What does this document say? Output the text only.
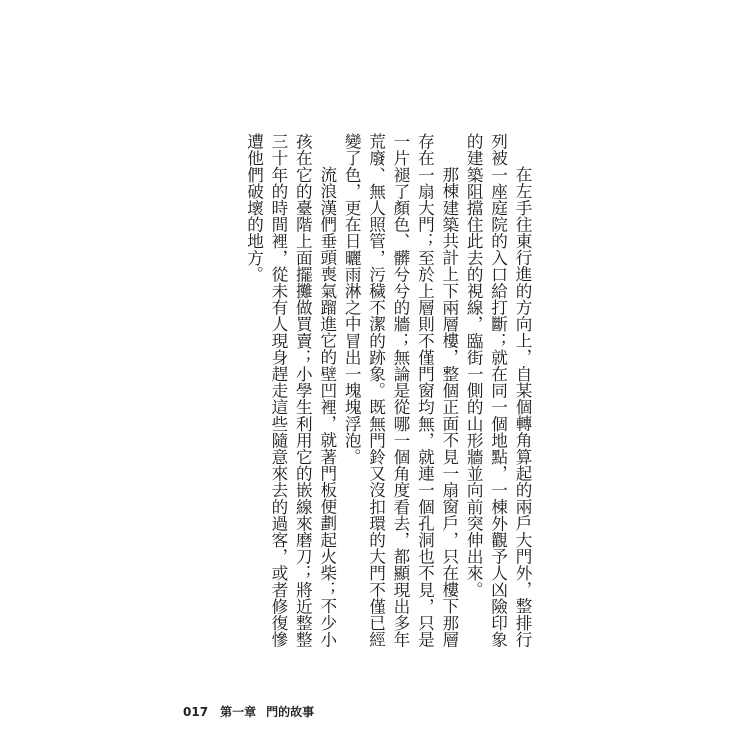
在左手往東行進的方向上，自某個轉角算起的兩戶大門外，整排行列被一座庭院的入口給打斷；就在同一個地點，一棟外觀予人凶險印象的建築阻擋住此去的視線，臨街一側的山形牆並向前突伸出來。

那棟建築共計上下兩層樓，整個正面不見一扇窗戶，只在樓下那層存在一扇大門；至於上層則不僅門窗均無，就連一個孔洞也不見，只是一片褪了顏色、髒兮兮的牆；無論是從哪一個角度看去，都顯現出多年荒廢、無人照管，污穢不潔的跡象。既無門鈴又沒扣環的大門不僅已經變了色，更在日曬雨淋之中冒出一塊塊浮泡。

流浪漢們垂頭喪氣蹓進它的壁凹裡，就著門板便劃起火柴；不少小孩在它的臺階上面擺攤做買賣；小學生利用它的嵌線來磨刀；將近整整三十年的時間裡，從未有人現身趕走這些隨意來去的過客，或者修復慘遭他們破壞的地方。

017 第一章 門的故事
